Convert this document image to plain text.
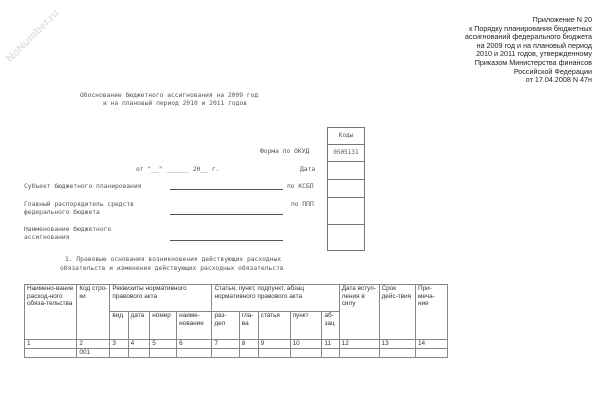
NoNumber.ru	Приложение N 20
к Порядку планирования бюджетных
ассигнований федерального бюджета
на 2009 год и на плановый период
2010 и 2011 годов, утвержденному
Приказом Министерства финансов
Российской Федерации
от 17.04.2008 N 47н
Обоснование бюджетного ассигнования на 2009 год
и на плановый период 2010 и 2011 годов
Коды
0505131
Форма по ОКУД
от "__" ______ 20__ г.	Дата
Субъект бюджетного планирования	по КСБП
Главный распорядитель средств
федерального бюджета
по ППП
Наименование бюджетного
ассигнования
1. Правовые основания возникновения действующих расходных
обязательств и изменения действующих расходных обязательств
Наимено-вание расход-ного обяза-тельства	Код стро-ки	Реквизиты нормативного правового акта				Статья, пункт, подпункт, абзац нормативного правового акта					Дата вступ-ления в силу	Срок дейс-твия	При-меча-ние
		вид	дата	номер	наиме-нование	раз-дел	гла-ва	статья	пункт	аб-зац			
1	2	3	4	5	6	7	8	9	10	11	12	13	14
	001												
